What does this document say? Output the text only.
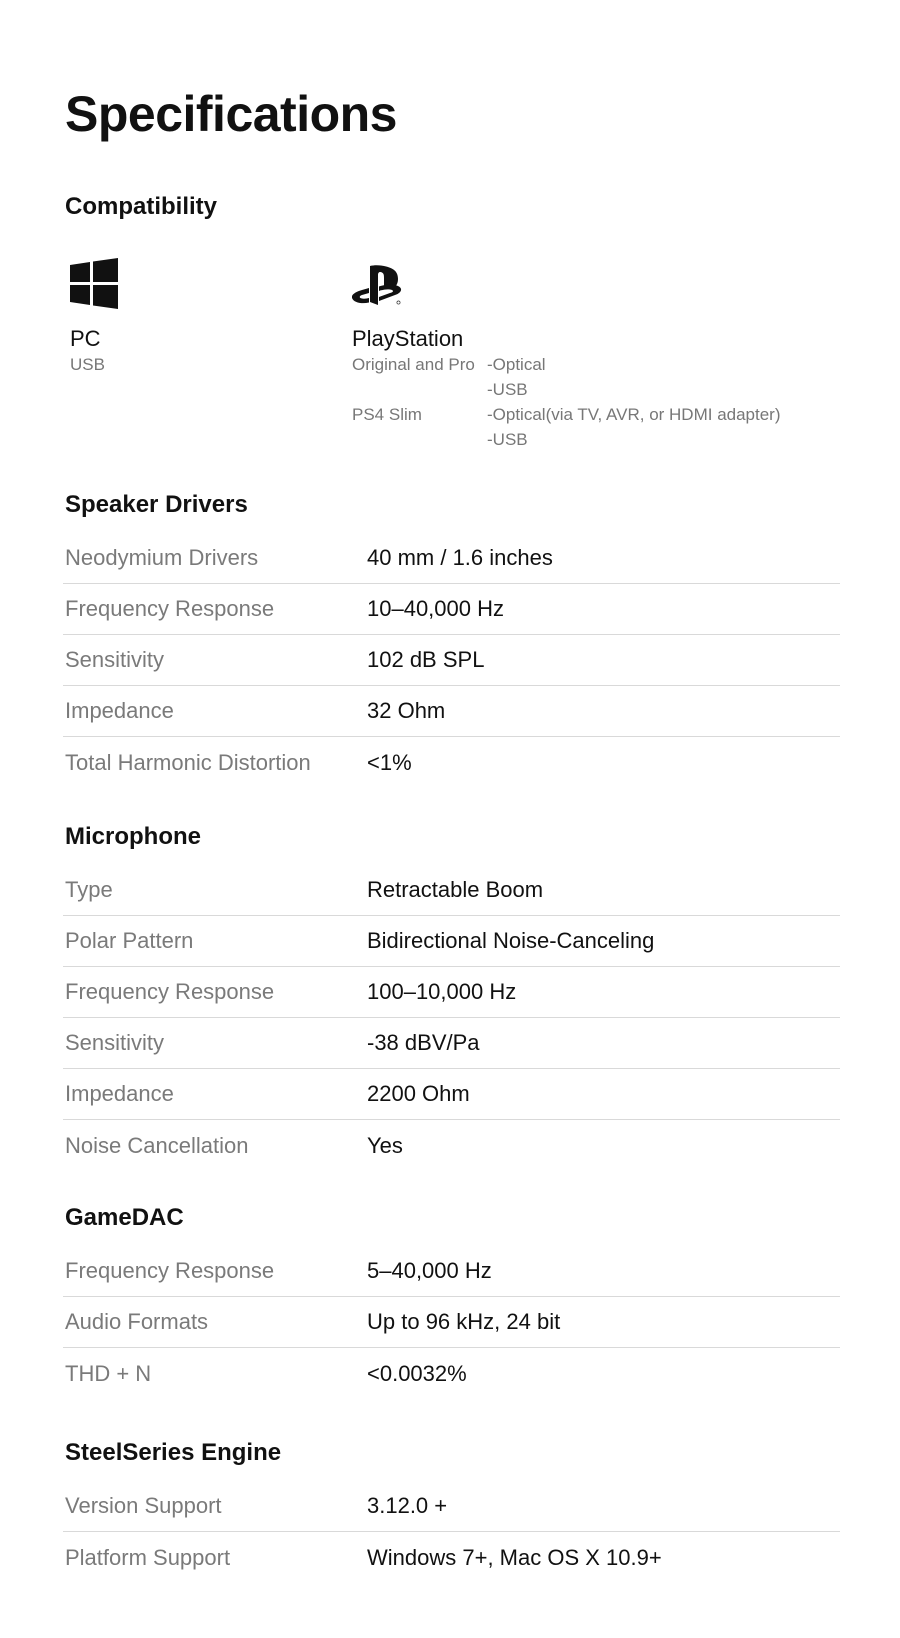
Specifications
Compatibility
PC
USB
PlayStation
Original and Pro -Optical
-USB
PS4 Slim	-Optical(via TV, AVR, or HDMI adapter)
-USB
Speaker Drivers
Neodymium Drivers	40 mm / 1.6 inches
Frequency Response	10–40,000 Hz
Sensitivity	102 dB SPL
Impedance	32 Ohm
Total Harmonic Distortion	<1%
Microphone
Type	Retractable Boom
Polar Pattern	Bidirectional Noise-Canceling
Frequency Response	100–10,000 Hz
Sensitivity	-38 dBV/Pa
Impedance	2200 Ohm
Noise Cancellation	Yes
GameDAC
Frequency Response	5–40,000 Hz
Audio Formats	Up to 96 kHz, 24 bit
THD + N	<0.0032%
SteelSeries Engine
Version Support	3.12.0 +
Platform Support	Windows 7+, Mac OS X 10.9+
